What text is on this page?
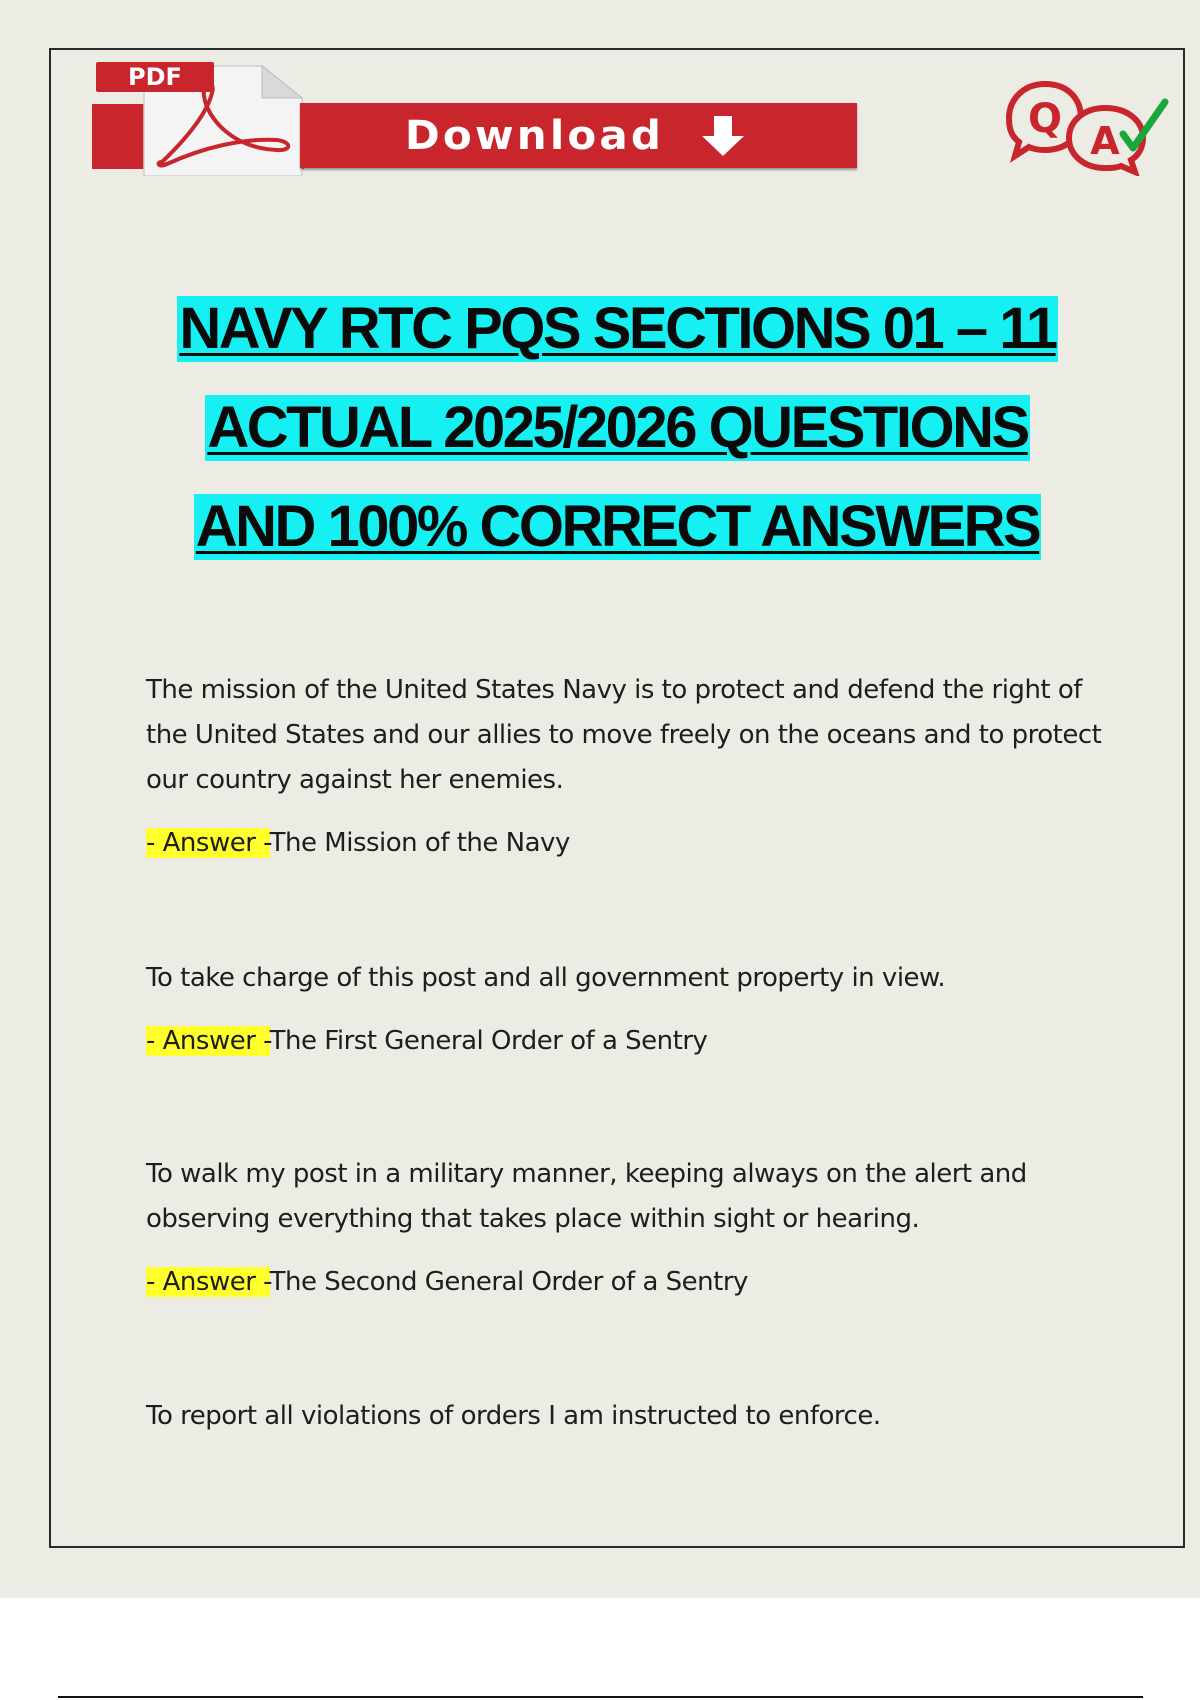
PDF
Download	Q A
NAVY RTC PQS SECTIONS 01 – 11
ACTUAL 2025/2026 QUESTIONS
AND 100% CORRECT ANSWERS

The mission of the United States Navy is to protect and defend the right of the United States and our allies to move freely on the oceans and to protect our country against her enemies.

- Answer -The Mission of the Navy

To take charge of this post and all government property in view.

- Answer -The First General Order of a Sentry

To walk my post in a military manner, keeping always on the alert and observing everything that takes place within sight or hearing.

- Answer -The Second General Order of a Sentry

To report all violations of orders I am instructed to enforce.
